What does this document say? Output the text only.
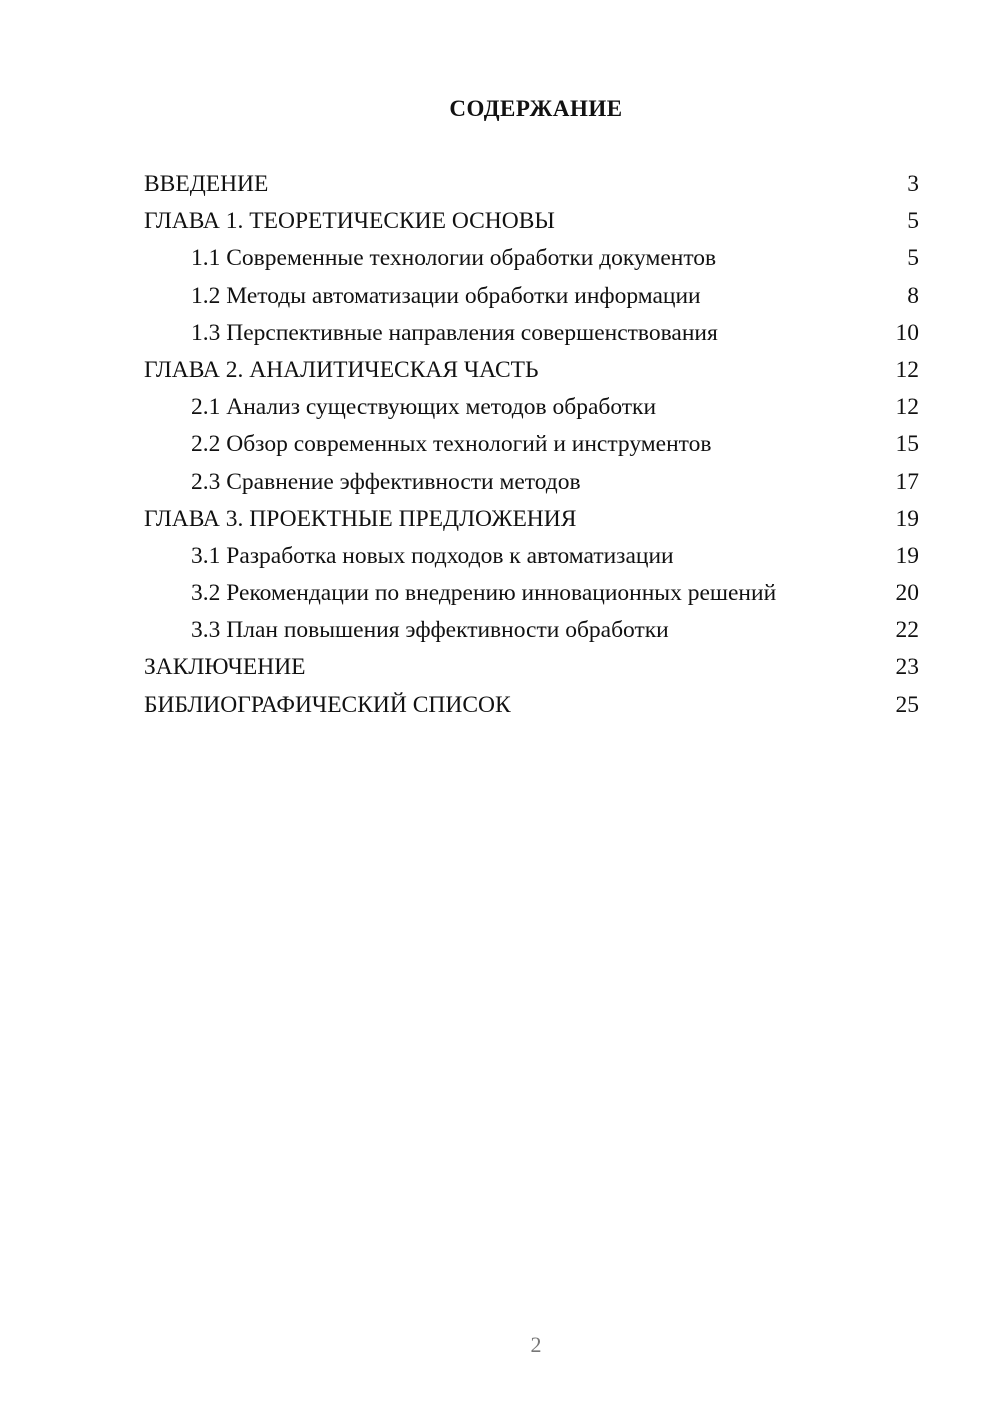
СОДЕРЖАНИЕ
ВВЕДЕНИЕ	3
ГЛАВА 1. ТЕОРЕТИЧЕСКИЕ ОСНОВЫ	5
1.1 Современные технологии обработки документов	5
1.2 Методы автоматизации обработки информации	8
1.3 Перспективные направления совершенствования	10
ГЛАВА 2. АНАЛИТИЧЕСКАЯ ЧАСТЬ	12
2.1 Анализ существующих методов обработки	12
2.2 Обзор современных технологий и инструментов	15
2.3 Сравнение эффективности методов	17
ГЛАВА 3. ПРОЕКТНЫЕ ПРЕДЛОЖЕНИЯ	19
3.1 Разработка новых подходов к автоматизации	19
3.2 Рекомендации по внедрению инновационных решений	20
3.3 План повышения эффективности обработки	22
ЗАКЛЮЧЕНИЕ	23
БИБЛИОГРАФИЧЕСКИЙ СПИСОК	25
2
